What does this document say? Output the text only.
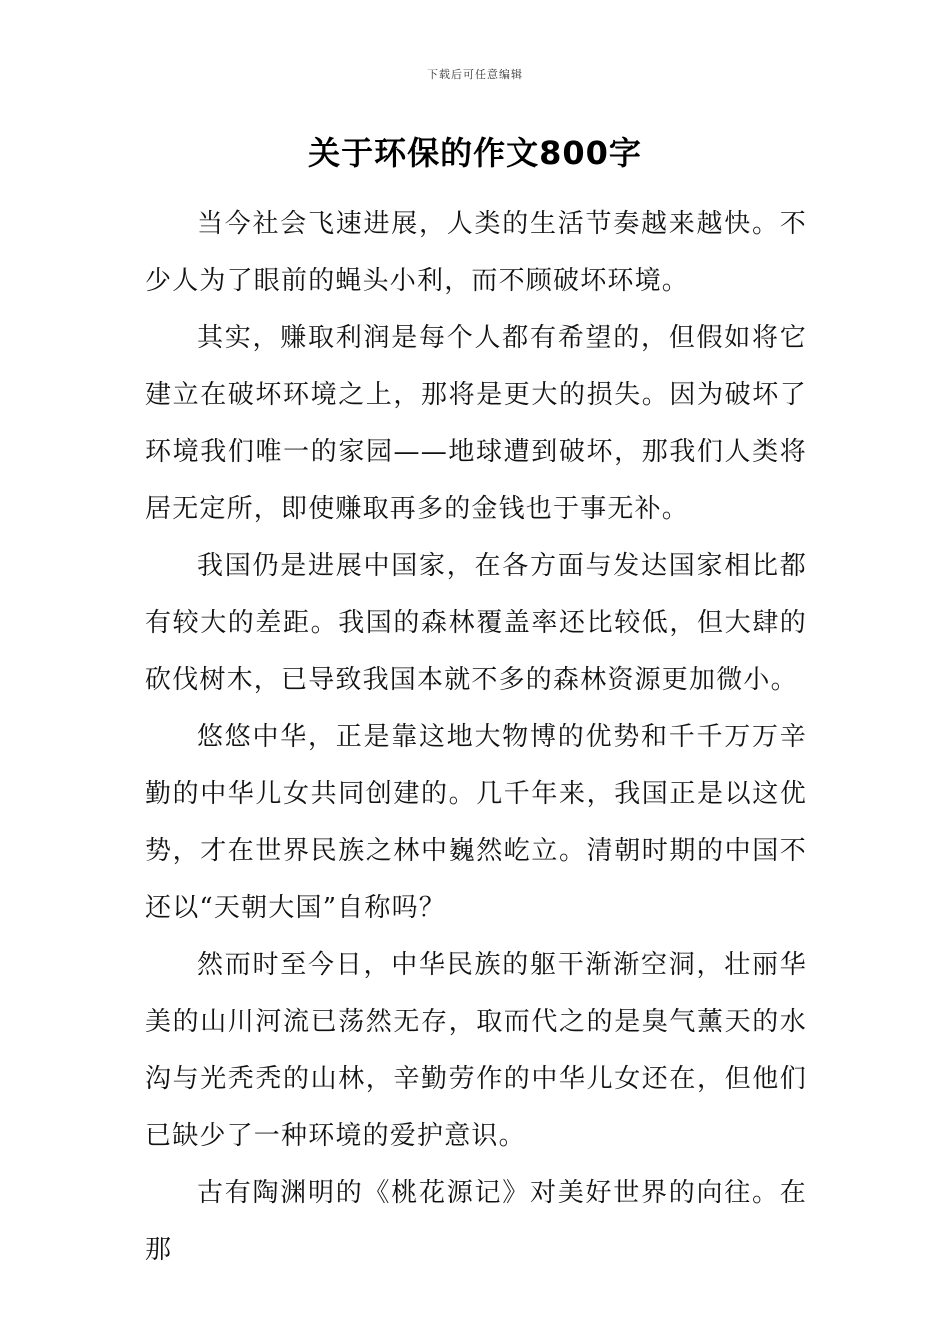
下载后可任意编辑
关于环保的作文800字

当今社会飞速进展，人类的生活节奏越来越快。不少人为了眼前的蝇头小利，而不顾破坏环境。

其实，赚取利润是每个人都有希望的，但假如将它建立在破坏环境之上，那将是更大的损失。因为破坏了环境我们唯一的家园——地球遭到破坏，那我们人类将居无定所，即使赚取再多的金钱也于事无补。

我国仍是进展中国家，在各方面与发达国家相比都有较大的差距。我国的森林覆盖率还比较低，但大肆的砍伐树木，已导致我国本就不多的森林资源更加微小。

悠悠中华，正是靠这地大物博的优势和千千万万辛勤的中华儿女共同创建的。几千年来，我国正是以这优势，才在世界民族之林中巍然屹立。清朝时期的中国不还以“天朝大国”自称吗？

然而时至今日，中华民族的躯干渐渐空洞，壮丽华美的山川河流已荡然无存，取而代之的是臭气薰天的水沟与光秃秃的山林，辛勤劳作的中华儿女还在，但他们已缺少了一种环境的爱护意识。

古有陶渊明的《桃花源记》对美好世界的向往。在那
